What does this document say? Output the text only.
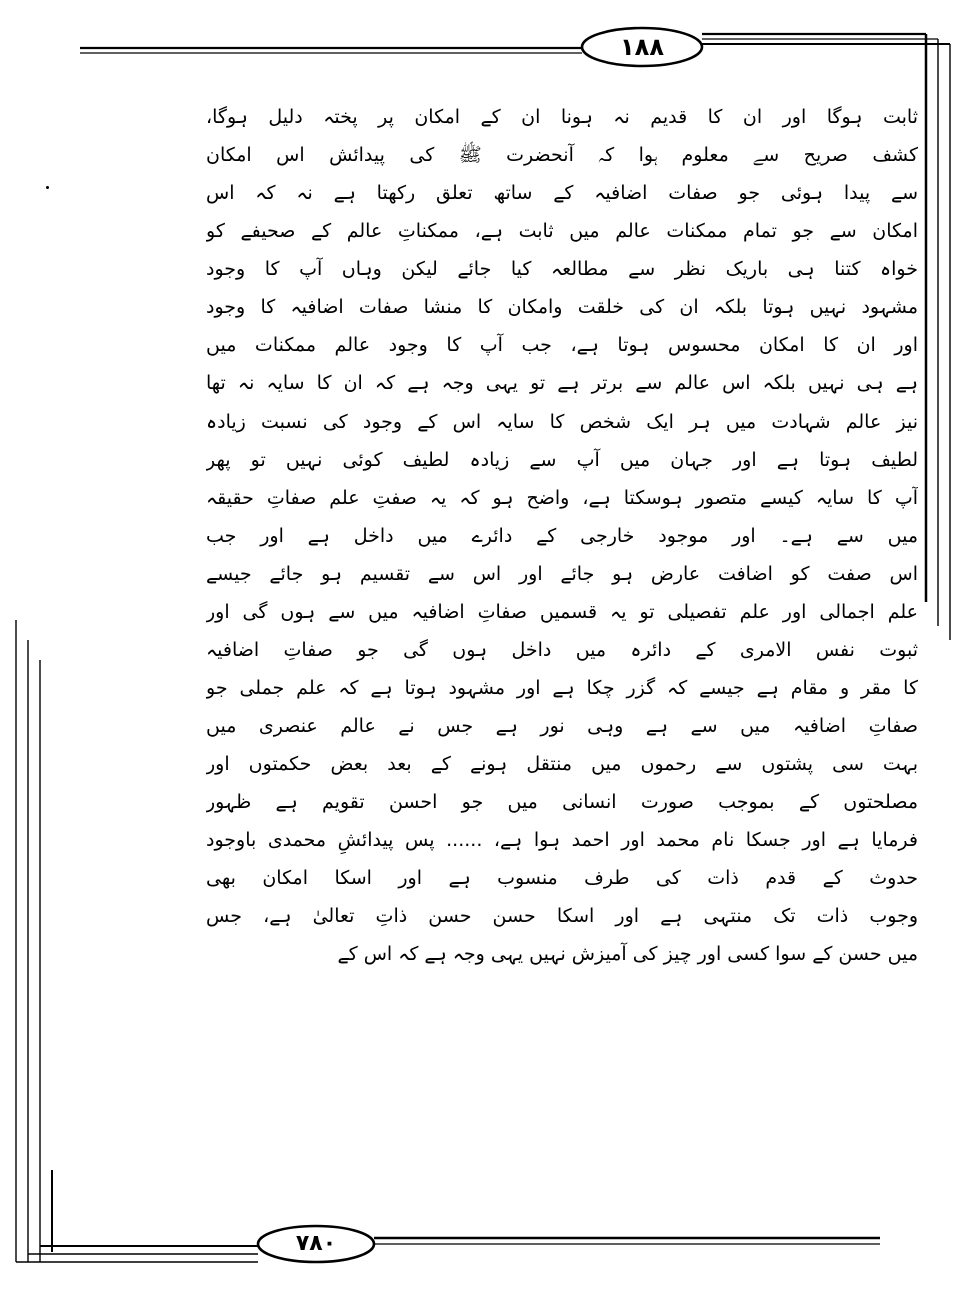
۱۸۸
۷۸۰
ثابت ہوگا اور ان کا قدیم نہ ہونا ان کے امکان پر پختہ دلیل ہوگا،
کشف صریح سے معلوم ہوا کہ آنحضرت ﷺ کی پیدائش اس امکان
سے پیدا ہوئی جو صفات اضافیہ کے ساتھ تعلق رکھتا ہے نہ کہ اس
امکان سے جو تمام ممکنات عالم میں ثابت ہے، ممکناتِ عالم کے صحیفے کو
خواہ کتنا ہی باریک نظر سے مطالعہ کیا جائے لیکن وہاں آپ کا وجود
مشہود نہیں ہوتا بلکہ ان کی خلقت وامکان کا منشا صفات اضافیہ کا وجود
اور ان کا امکان محسوس ہوتا ہے، جب آپ کا وجود عالم ممکنات میں
ہے ہی نہیں بلکہ اس عالم سے برتر ہے تو یہی وجہ ہے کہ ان کا سایہ نہ تھا
نیز عالم شہادت میں ہر ایک شخص کا سایہ اس کے وجود کی نسبت زیادہ
لطیف ہوتا ہے اور جہان میں آپ سے زیادہ لطیف کوئی نہیں تو پھر
آپ کا سایہ کیسے متصور ہوسکتا ہے، واضح ہو کہ یہ صفتِ علم صفاتِ حقیقہ
میں سے ہے۔ اور موجود خارجی کے دائرے میں داخل ہے اور جب
اس صفت کو اضافت عارض ہو جائے اور اس سے تقسیم ہو جائے جیسے
علم اجمالی اور علم تفصیلی تو یہ قسمیں صفاتِ اضافیہ میں سے ہوں گی اور
ثبوت نفس الامری کے دائرہ میں داخل ہوں گی جو صفاتِ اضافیہ
کا مقر و مقام ہے جیسے کہ گزر چکا ہے اور مشہود ہوتا ہے کہ علم جملی جو
صفاتِ اضافیہ میں سے ہے وہی نور ہے جس نے عالم عنصری میں
بہت سی پشتوں سے رحموں میں منتقل ہونے کے بعد بعض حکمتوں اور
مصلحتوں کے بموجب صورت انسانی میں جو احسن تقویم ہے ظہور
فرمایا ہے اور جسکا نام محمد اور احمد ہوا ہے، ...... پس پیدائشِ محمدی باوجود
حدوث کے قدم ذات کی طرف منسوب ہے اور اسکا امکان بھی
وجوب ذات تک منتہی ہے اور اسکا حسن حسن ذاتِ تعالیٰ ہے، جس
میں حسن کے سوا کسی اور چیز کی آمیزش نہیں یہی وجہ ہے کہ اس کے
